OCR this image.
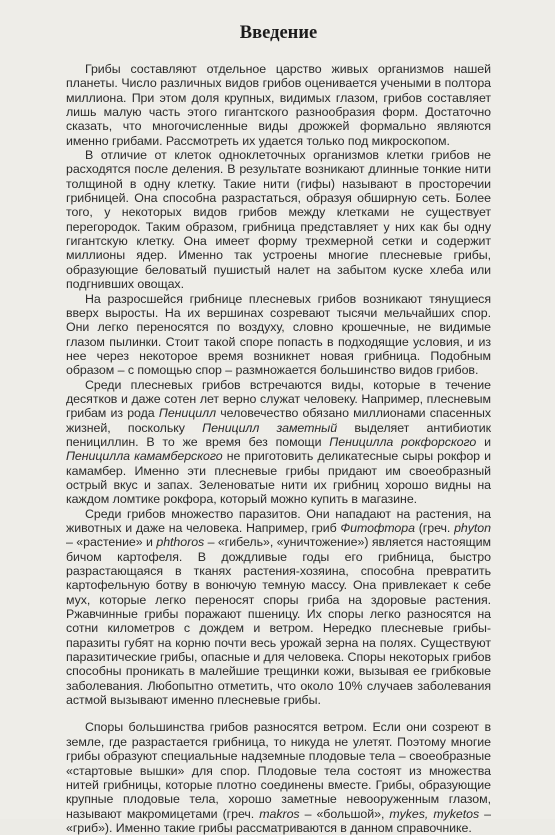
Введение

Грибы составляют отдельное царство живых организмов нашей планеты. Число различных видов грибов оценивается учеными в полтора миллиона. При этом доля крупных, видимых глазом, грибов составляет лишь малую часть этого гигантского разнообразия форм. Достаточно сказать, что многочисленные виды дрожжей формально являются именно грибами. Рассмотреть их удается только под микроскопом.

В отличие от клеток одноклеточных организмов клетки грибов не расходятся после деления. В результате возникают длинные тонкие нити толщиной в одну клетку. Такие нити (гифы) называют в просторечии грибницей. Она способна разрастаться, образуя обширную сеть. Более того, у некоторых видов грибов между клетками не существует перегородок. Таким образом, грибница представляет у них как бы одну гигантскую клетку. Она имеет форму трехмерной сетки и содержит миллионы ядер. Именно так устроены многие плесневые грибы, образующие беловатый пушистый налет на забытом куске хлеба или подгнивших овощах.

На разросшейся грибнице плесневых грибов возникают тянущиеся вверх выросты. На их вершинах созревают тысячи мельчайших спор. Они легко переносятся по воздуху, словно крошечные, не видимые глазом пылинки. Стоит такой споре попасть в подходящие условия, и из нее через некоторое время возникнет новая грибница. Подобным образом – с помощью спор – размножается большинство видов грибов.

Среди плесневых грибов встречаются виды, которые в течение десятков и даже сотен лет верно служат человеку. Например, плесневым грибам из рода Пеницилл человечество обязано миллионами спасенных жизней, поскольку Пеницилл заметный выделяет антибиотик пенициллин. В то же время без помощи Пеницилла рокфорского и Пеницилла камамберского не приготовить деликатесные сыры рокфор и камамбер. Именно эти плесневые грибы придают им своеобразный острый вкус и запах. Зеленоватые нити их грибниц хорошо видны на каждом ломтике рокфора, который можно купить в магазине.

Среди грибов множество паразитов. Они нападают на растения, на животных и даже на человека. Например, гриб Фитофтора (греч. phyton – «растение» и phthoros – «гибель», «уничтожение») является настоящим бичом картофеля. В дождливые годы его грибница, быстро разрастающаяся в тканях растения-хозяина, способна превратить картофельную ботву в вонючую темную массу. Она привлекает к себе мух, которые легко переносят споры гриба на здоровые растения. Ржавчинные грибы поражают пшеницу. Их споры легко разносятся на сотни километров с дождем и ветром. Нередко плесневые грибы-паразиты губят на корню почти весь урожай зерна на полях. Существуют паразитические грибы, опасные и для человека. Споры некоторых грибов способны проникать в малейшие трещинки кожи, вызывая ее грибковые заболевания. Любопытно отметить, что около 10% случаев заболевания астмой вызывают именно плесневые грибы.

Споры большинства грибов разносятся ветром. Если они созреют в земле, где разрастается грибница, то никуда не улетят. Поэтому многие грибы образуют специальные надземные плодовые тела – своеобразные «стартовые вышки» для спор. Плодовые тела состоят из множества нитей грибницы, которые плотно соединены вместе. Грибы, образующие крупные плодовые тела, хорошо заметные невооруженным глазом, называют макромицетами (греч. makros – «большой», mykes, myketos – «гриб»). Именно такие грибы рассматриваются в данном справочнике.
